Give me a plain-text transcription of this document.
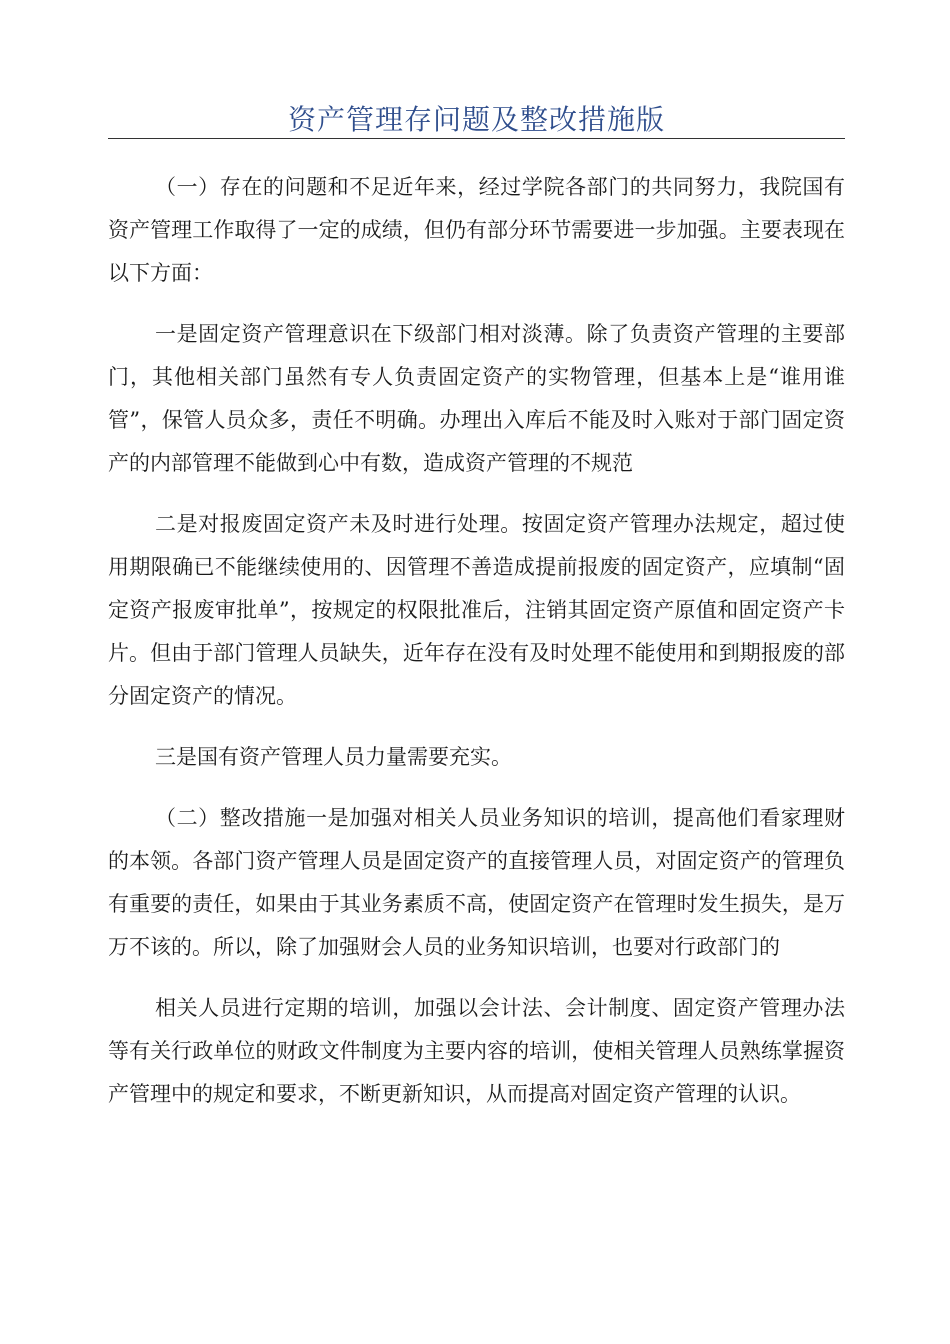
资产管理存问题及整改措施版

（一）存在的问题和不足近年来，经过学院各部门的共同努力，我院国有资产管理工作取得了一定的成绩，但仍有部分环节需要进一步加强。主要表现在以下方面：

一是固定资产管理意识在下级部门相对淡薄。除了负责资产管理的主要部门，其他相关部门虽然有专人负责固定资产的实物管理，但基本上是“谁用谁管”，保管人员众多，责任不明确。办理出入库后不能及时入账对于部门固定资产的内部管理不能做到心中有数，造成资产管理的不规范

二是对报废固定资产未及时进行处理。按固定资产管理办法规定，超过使用期限确已不能继续使用的、因管理不善造成提前报废的固定资产，应填制“固定资产报废审批单”，按规定的权限批准后，注销其固定资产原值和固定资产卡片。但由于部门管理人员缺失，近年存在没有及时处理不能使用和到期报废的部分固定资产的情况。

三是国有资产管理人员力量需要充实。

（二）整改措施一是加强对相关人员业务知识的培训，提高他们看家理财的本领。各部门资产管理人员是固定资产的直接管理人员，对固定资产的管理负有重要的责任，如果由于其业务素质不高，使固定资产在管理时发生损失，是万万不该的。所以，除了加强财会人员的业务知识培训，也要对行政部门的

相关人员进行定期的培训，加强以会计法、会计制度、固定资产管理办法等有关行政单位的财政文件制度为主要内容的培训，使相关管理人员熟练掌握资产管理中的规定和要求，不断更新知识，从而提高对固定资产管理的认识。
